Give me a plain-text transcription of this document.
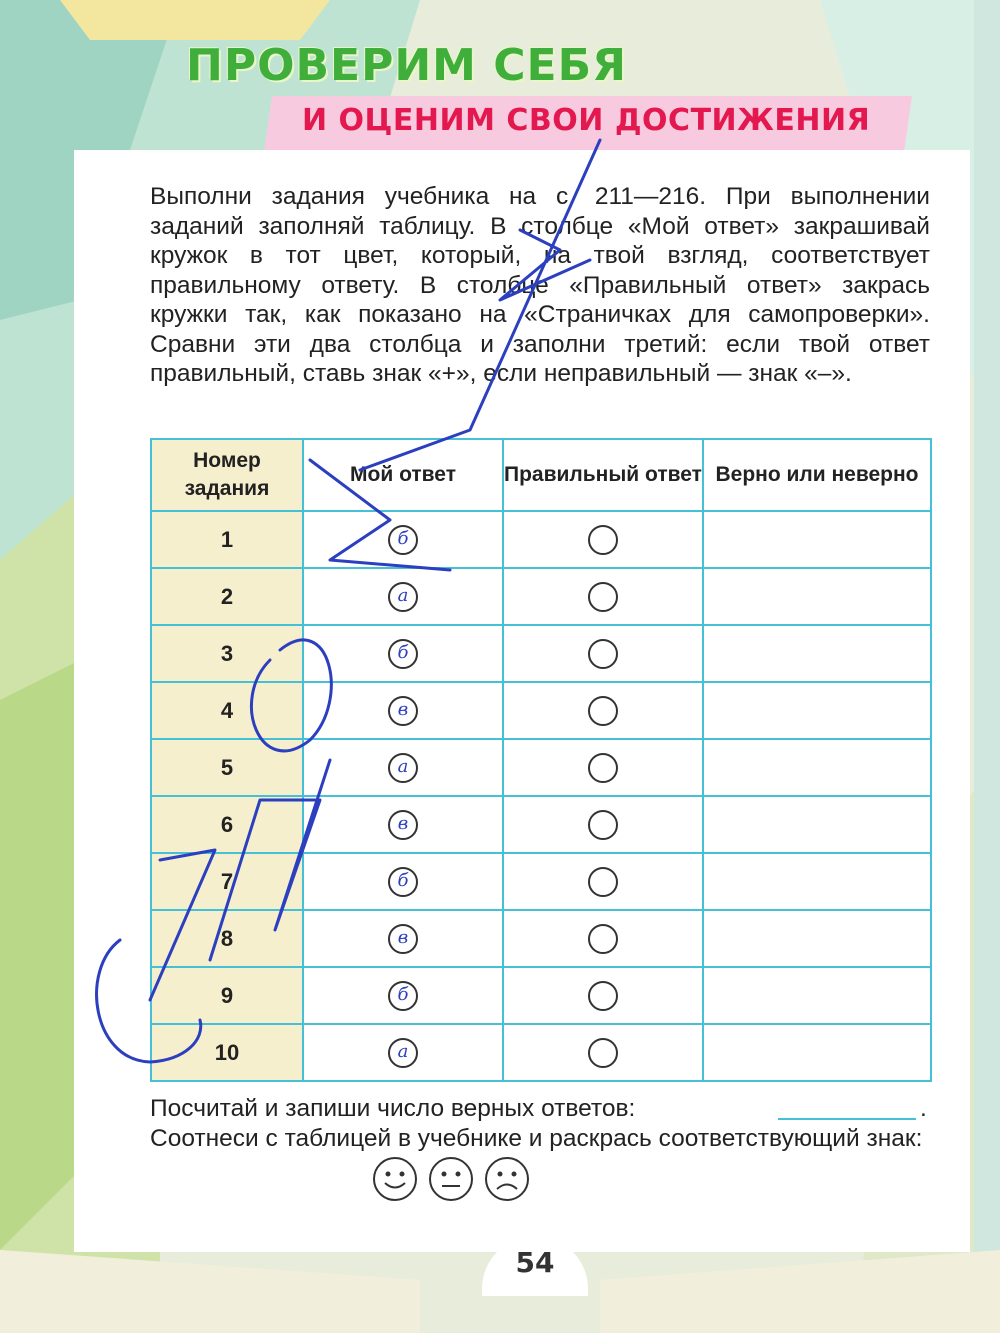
ПРОВЕРИМ СЕБЯ
И ОЦЕНИМ СВОИ ДОСТИЖЕНИЯ
Выполни задания учебника на с. 211—216. При выполнении заданий заполняй таблицу. В столбце «Мой ответ» закрашивай кружок в тот цвет, который, на твой взгляд, соответствует правильному ответу. В столбце «Правильный ответ» закрась кружки так, как показано на «Страничках для самопроверки». Сравни эти два столбца и заполни третий: если твой ответ правильный, ставь знак «+», если неправильный — знак «–».
Номер задания	Мой ответ	Правильный ответ	Верно или неверно
1	б		

2	а		

3	б		

4	в		

5	а		

6	в		

7	б		

8	в		

9	б		

10	а		

Посчитай и запиши число верных ответов:	.
Соотнеси с таблицей в учебнике и раскрась соответствующий знак:
54
